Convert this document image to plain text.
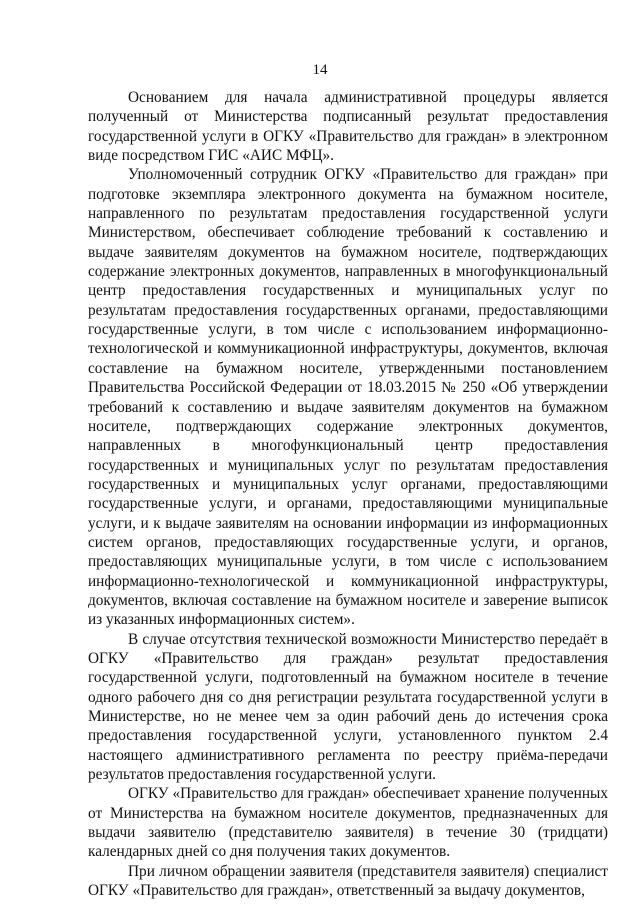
14

Основанием для начала административной процедуры является полученный от Министерства подписанный результат предоставления государственной услуги в ОГКУ «Правительство для граждан» в электронном виде посредством ГИС «АИС МФЦ».

Уполномоченный сотрудник ОГКУ «Правительство для граждан» при подготовке экземпляра электронного документа на бумажном носителе, направленного по результатам предоставления государственной услуги Министерством, обеспечивает соблюдение требований к составлению и выдаче заявителям документов на бумажном носителе, подтверждающих содержание электронных документов, направленных в многофункциональный центр предоставления государственных и муниципальных услуг по результатам предоставления государственных органами, предоставляющими государственные услуги, в том числе с использованием информационно-технологической и коммуникационной инфраструктуры, документов, включая составление на бумажном носителе, утвержденными постановлением Правительства Российской Федерации от 18.03.2015 № 250 «Об утверждении требований к составлению и выдаче заявителям документов на бумажном носителе, подтверждающих содержание электронных документов, направленных в многофункциональный центр предоставления государственных и муниципальных услуг по результатам предоставления государственных и муниципальных услуг органами, предоставляющими государственные услуги, и органами, предоставляющими муниципальные услуги, и к выдаче заявителям на основании информации из информационных систем органов, предоставляющих государственные услуги, и органов, предоставляющих муниципальные услуги, в том числе с использованием информационно-технологической и коммуникационной инфраструктуры, документов, включая составление на бумажном носителе и заверение выписок из указанных информационных систем».

В случае отсутствия технической возможности Министерство передаёт в ОГКУ «Правительство для граждан» результат предоставления государственной услуги, подготовленный на бумажном носителе в течение одного рабочего дня со дня регистрации результата государственной услуги в Министерстве, но не менее чем за один рабочий день до истечения срока предоставления государственной услуги, установленного пунктом 2.4 настоящего административного регламента по реестру приёма-передачи результатов предоставления государственной услуги.

ОГКУ «Правительство для граждан» обеспечивает хранение полученных от Министерства на бумажном носителе документов, предназначенных для выдачи заявителю (представителю заявителя) в течение 30 (тридцати) календарных дней со дня получения таких документов.

При личном обращении заявителя (представителя заявителя) специалист ОГКУ «Правительство для граждан», ответственный за выдачу документов,
